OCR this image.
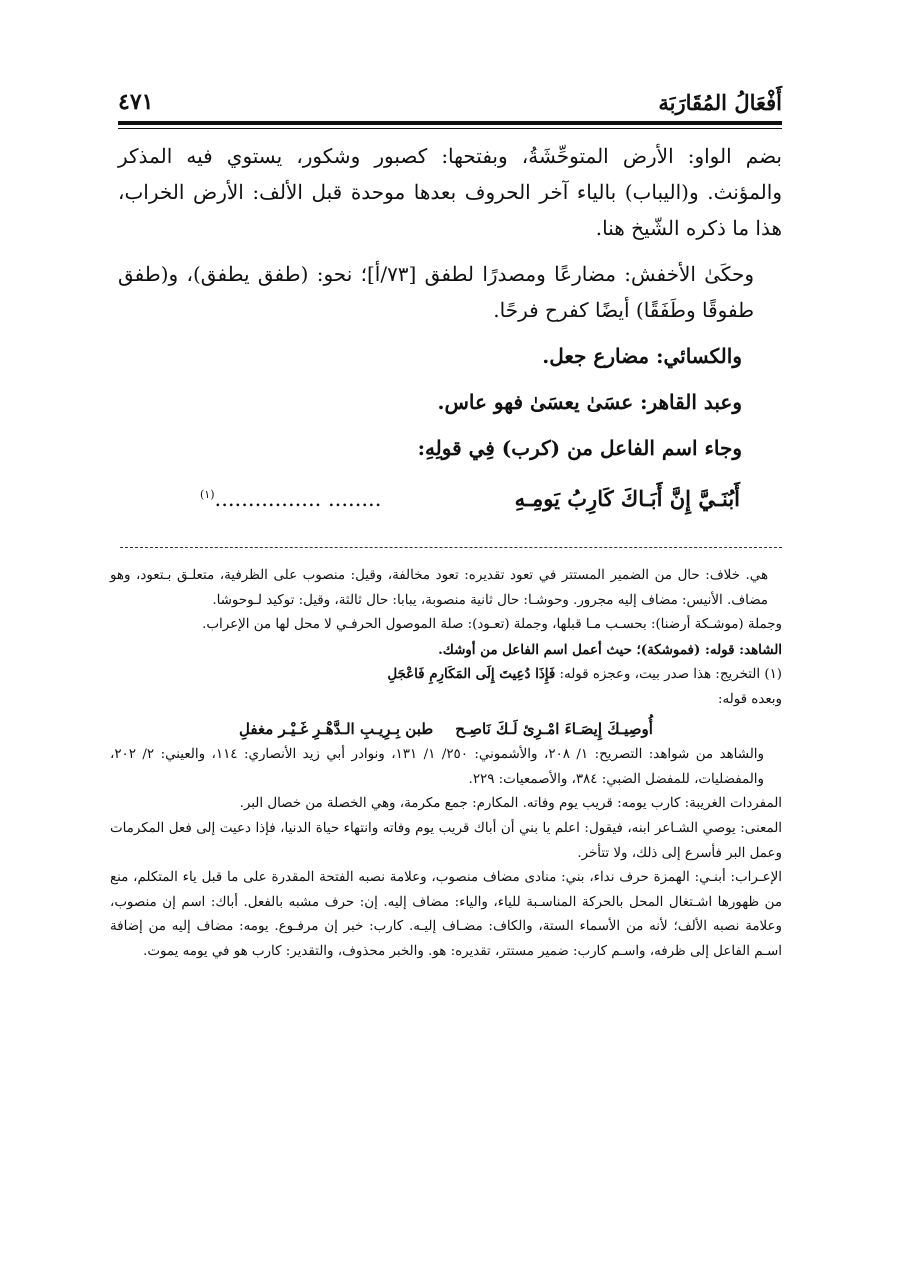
أَفْعَالُ المُقَارَبَة
٤٧١

بضم الواو: الأرض المتوحِّشَةُ، وبفتحها: كصبور وشكور، يستوي فيه المذكر والمؤنث. و(اليباب) بالياء آخر الحروف بعدها موحدة قبل الألف: الأرض الخراب، هذا ما ذكره الشّيخ هنا.

وحكَىٰ الأخفش: مضارعًا ومصدرًا لطفق [٧٣/أ]؛ نحو: (طفق يطفق)، و(طفق طفوقًا وطَفَقًا) أيضًا كفرح فرحًا.

والكسائي: مضارع جعل.

وعبد القاهر: عسَىٰ يعسَىٰ فهو عاس.

وجاء اسم الفاعل من (كرب) فِي قولِهِ:

أَبُنَـيَّ إِنَّ أَبَـاكَ كَارِبُ يَومِـهِ
........ ................$^{(١)}$

هي. خلاف: حال من الضمير المستتر في تعود تقديره: تعود مخالفة، وقيل: منصوب على الظرفية، متعلـق بـتعود، وهو مضاف. الأنيس: مضاف إليه مجرور. وحوشـا: حال ثانية منصوبة، يبابا: حال ثالثة، وقيل: توكيد لـوحوشا.

وجملة (موشـكة أرضنا): بحسـب مـا قبلها، وجملة (تعـود): صلة الموصول الحرفـي لا محل لها من الإعراب.

الشاهد: قوله: (فموشكة)؛ حيث أعمل اسم الفاعل من أوشك.

(١) التخريج: هذا صدر بيت، وعجزه قوله: فَإِذَا دُعِيتَ إِلَى المَكَارِمِ فَاعْجَلِ

وبعده قوله:

أُوصِيـكَ إِيصَـاءَ امْـرِئ لَـكَ نَاصِـحطبن بِـرِيـبِ الـدَّهْـرِ غَـيْـر مغفلِ

والشاهد من شواهد: التصريح: ١/ ٢٠٨، والأشموني: ٢٥٠/ ١/ ١٣١، ونوادر أبي زيد الأنصاري: ١١٤، والعيني: ٢/ ٢٠٢، والمفضليات، للمفضل الضبي: ٣٨٤، والأصمعيات: ٢٢٩.

المفردات الغريبة: كارب يومه: قريب يوم وفاته. المكارم: جمع مكرمة، وهي الخصلة من خصال البر.

المعنى: يوصي الشـاعر ابنه، فيقول: اعلم يا بني أن أباك قريب يوم وفاته وانتهاء حياة الدنيا، فإذا دعيت إلى فعل المكرمات وعمل البر فأسرع إلى ذلك، ولا تتأخر.

الإعـراب: أبنـي: الهمزة حرف نداء، بني: منادى مضاف منصوب، وعلامة نصبه الفتحة المقدرة على ما قبل ياء المتكلم، منع من ظهورها اشـتغال المحل بالحركة المناسـبة للياء، والياء: مضاف إليه. إن: حرف مشبه بالفعل. أباك: اسم إن منصوب، وعلامة نصبه الألف؛ لأنه من الأسماء الستة، والكاف: مضـاف إليـه. كارب: خبر إن مرفـوع. يومه: مضاف إليه من إضافة اسـم الفاعل إلى ظرفه، واسـم كارب: ضمير مستتر، تقديره: هو. والخبر محذوف، والتقدير: كارب هو في يومه يموت.
